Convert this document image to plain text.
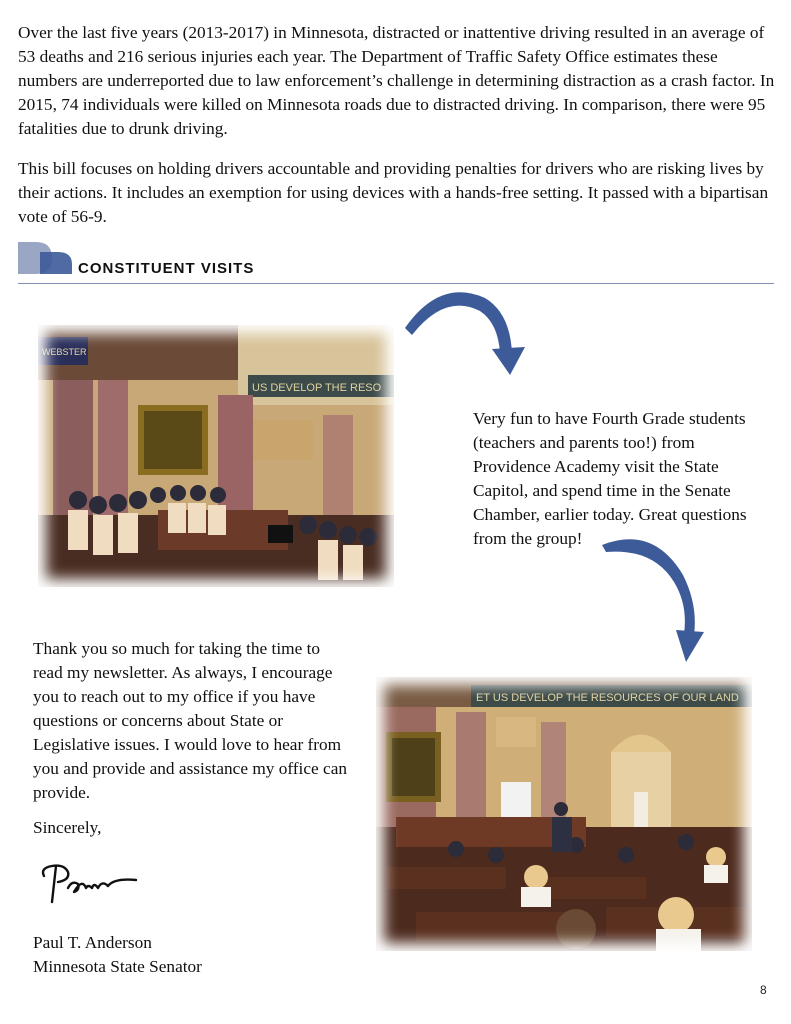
Over the last five years (2013-2017) in Minnesota, distracted or inattentive driving resulted in an average of 53 deaths and 216 serious injuries each year. The Department of Traffic Safety Office estimates these numbers are underreported due to law enforcement’s challenge in determining distraction as a crash factor. In 2015, 74 individuals were killed on Minnesota roads due to distracted driving. In comparison, there were 95 fatalities due to drunk driving.

This bill focuses on holding drivers accountable and providing penalties for drivers who are risking lives by their actions. It includes an exemption for using devices with a hands-free setting. It passed with a bipartisan vote of 56-9.

CONSTITUENT VISITS
WEBSTER
US DEVELOP THE RESO

Very fun to have Fourth Grade students (teachers and parents too!) from Providence Academy visit the State Capitol, and spend time in the Senate Chamber, earlier today. Great questions from the group!

Thank you so much for taking the time to read my newsletter. As always, I encourage you to reach out to my office if you have questions or concerns about State or Legislative issues. I would love to hear from you and provide and assistance my office can provide.

ET US DEVELOP THE RESOURCES OF OUR LAND
Sincerely,
Paul T. Anderson
Minnesota State Senator
8
